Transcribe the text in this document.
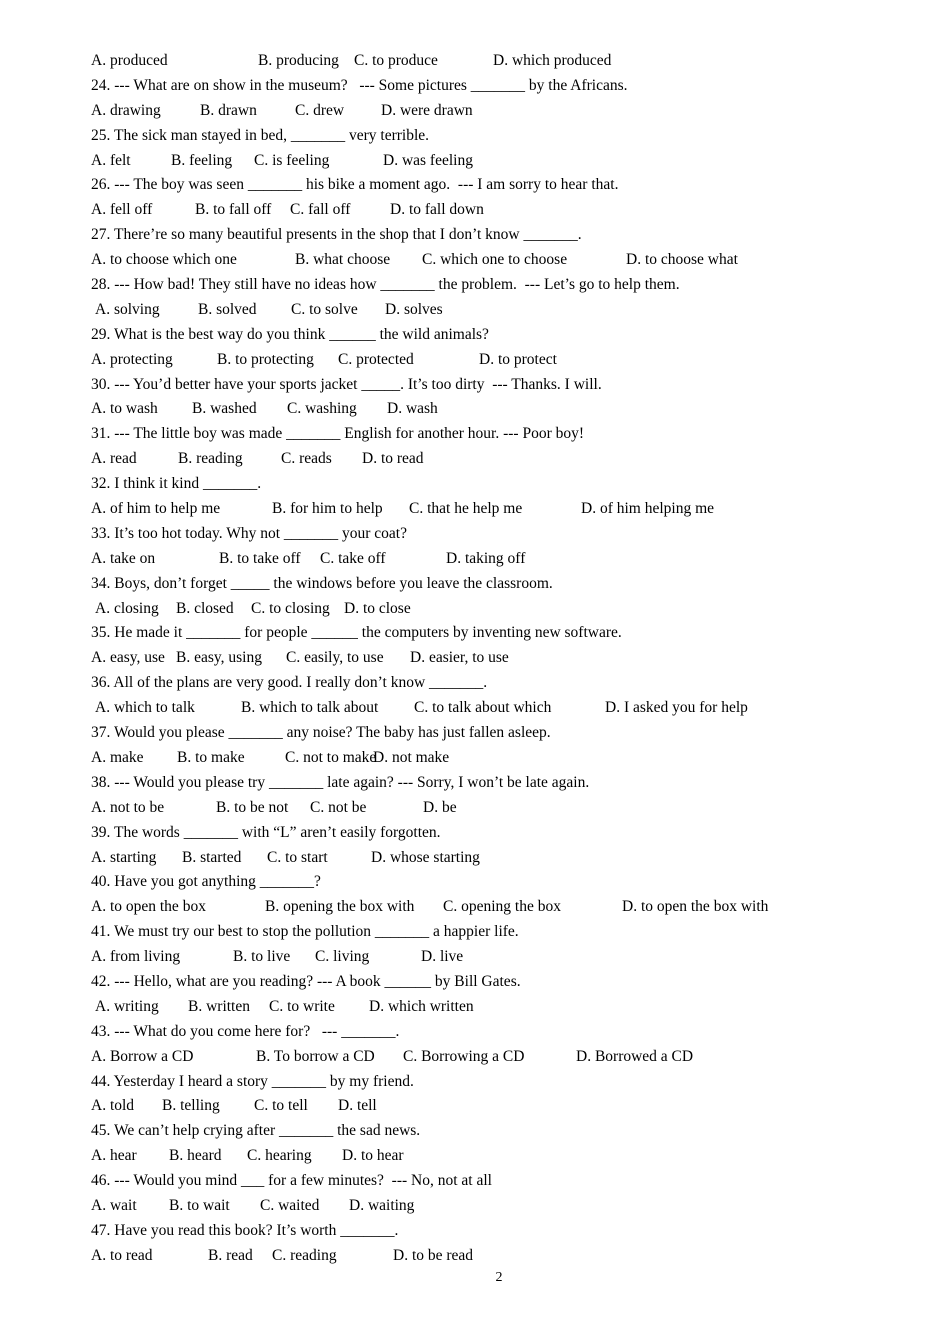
A. produced	B. producing C. to produce	D. which produced
24. --- What are on show in the museum?   --- Some pictures _______ by the Africans.
A. drawing	B. drawn C. drew D. were drawn
25. The sick man stayed in bed, _______ very terrible.
A. felt	B. feeling C. is feeling	D. was feeling
26. --- The boy was seen _______ his bike a moment ago.  --- I am sorry to hear that.
A. fell off	B. to fall off C. fall off	D. to fall down
27. There’re so many beautiful presents in the shop that I don’t know _______.
A. to choose which one	B. what choose C. which one to choose	D. to choose what
28. --- How bad! They still have no ideas how _______ the problem.  --- Let’s go to help them.
A. solving B. solved C. to solve D. solves
29. What is the best way do you think ______ the wild animals?
A. protecting	B. to protecting C. protected	D. to protect
30. --- You’d better have your sports jacket _____. It’s too dirty  --- Thanks. I will.
A. to wash B. washed C. washing D. wash
31. --- The little boy was made _______ English for another hour. --- Poor boy!
A. read	B. reading C. reads D. to read
32. I think it kind _______.
A. of him to help me	B. for him to help C. that he help me	D. of him helping me
33. It’s too hot today. Why not _______ your coat?
A. take on	B. to take off C. take off	D. taking off
34. Boys, don’t forget _____ the windows before you leave the classroom.
A. closing B. closed C. to closing D. to close
35. He made it _______ for people ______ the computers by inventing new software.
A. easy, use B. easy, using C. easily, to use D. easier, to use
36. All of the plans are very good. I really don’t know _______.
A. which to talk	B. which to talk about C. to talk about which	D. I asked you for help
37. Would you please _______ any noise? The baby has just fallen asleep.
A. make B. to make	C. not to make
D. not make
38. --- Would you please try _______ late again? --- Sorry, I won’t be late again.
A. not to be	B. to be not C. not be	D. be
39. The words _______ with “L” aren’t easily forgotten.
A. starting B. started C. to start	D. whose starting
40. Have you got anything _______?
A. to open the box	B. opening the box with C. opening the box	D. to open the box with
41. We must try our best to stop the pollution _______ a happier life.
A. from living	B. to live C. living	D. live
42. --- Hello, what are you reading? --- A book ______ by Bill Gates.
A. writing B. written C. to write D. which written
43. --- What do you come here for?   --- _______.
A. Borrow a CD	B. To borrow a CD C. Borrowing a CD	D. Borrowed a CD
44. Yesterday I heard a story _______ by my friend.
A. told B. telling C. to tell D. tell
45. We can’t help crying after _______ the sad news.
A. hear B. heard C. hearing D. to hear
46. --- Would you mind ___ for a few minutes?  --- No, not at all
A. wait B. to wait C. waited D. waiting
47. Have you read this book? It’s worth _______.
A. to read	B. read C. reading	D. to be read
2
